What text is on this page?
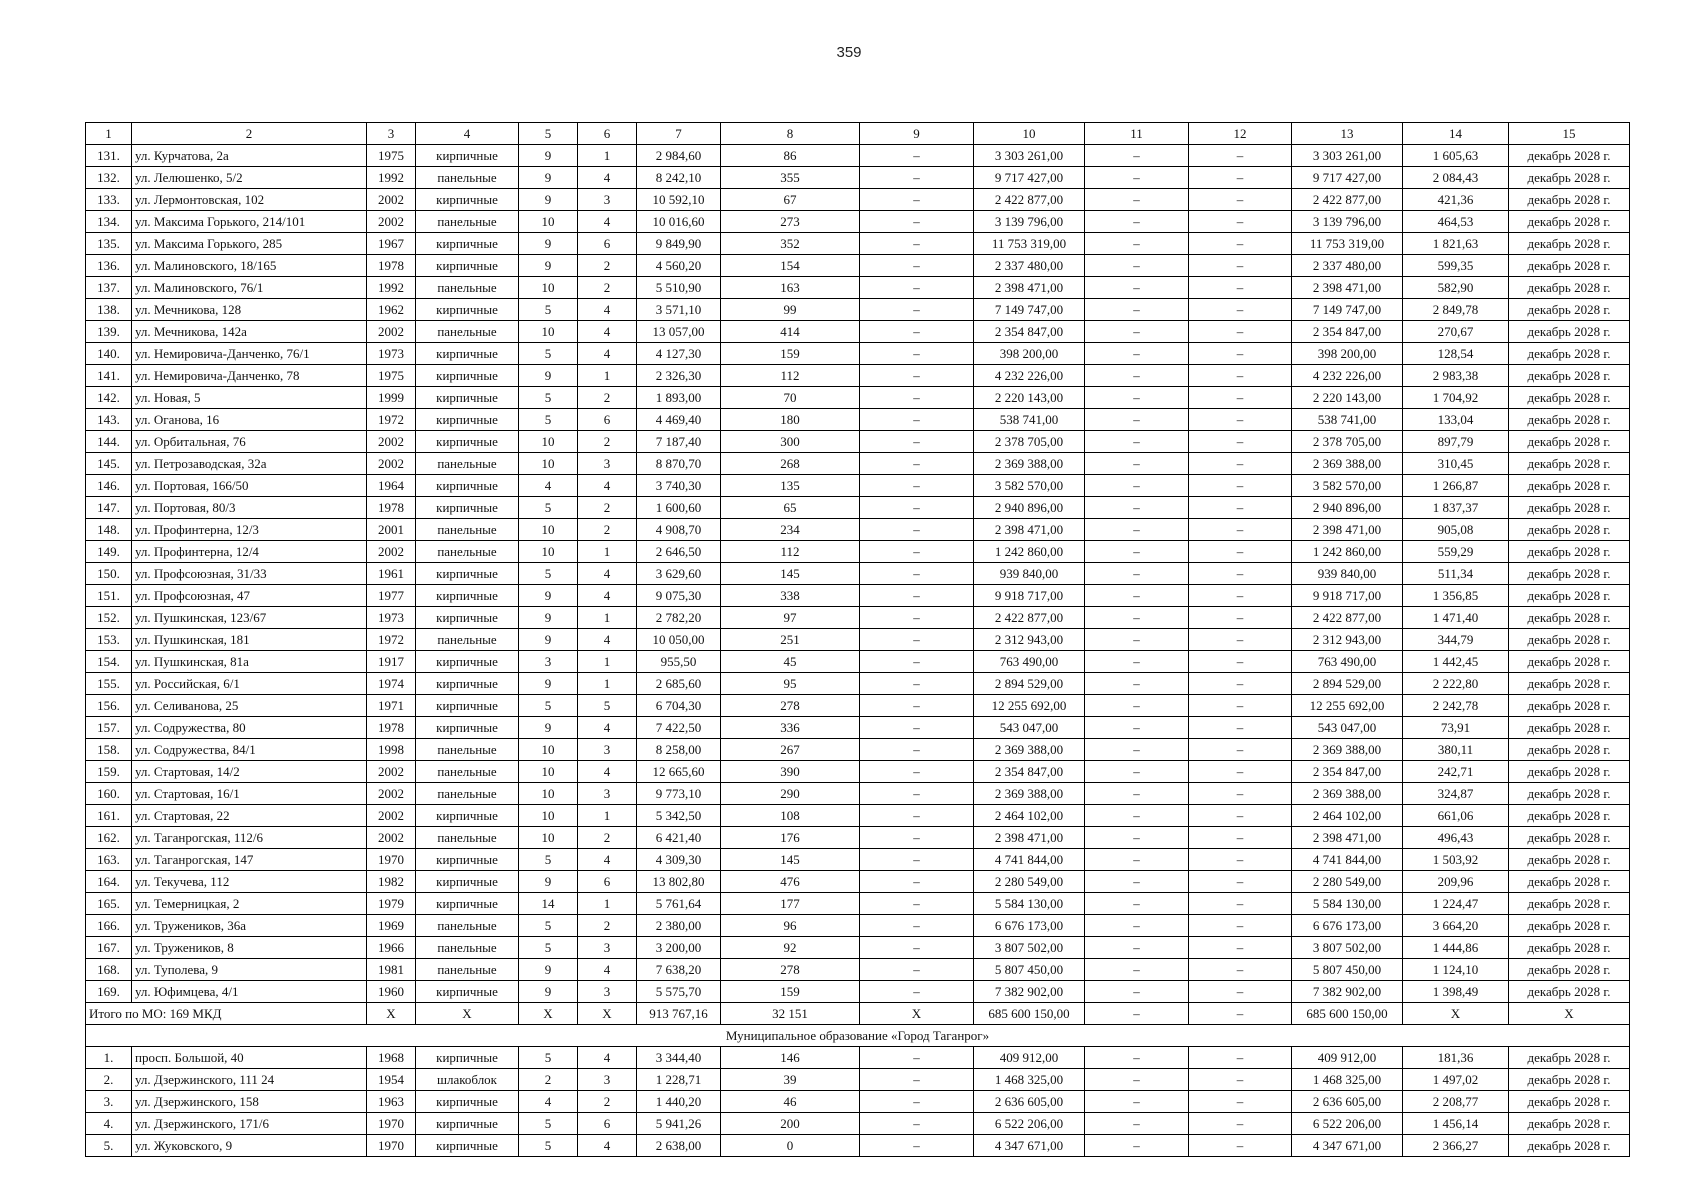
359
1	2	3	4	5	6	7	8	9	10	11	12	13	14	15
131.	ул. Курчатова, 2а	1975	кирпичные	9	1	2 984,60	86	–	3 303 261,00	–	–	3 303 261,00	1 605,63	декабрь 2028 г.
132.	ул. Лелюшенко, 5/2	1992	панельные	9	4	8 242,10	355	–	9 717 427,00	–	–	9 717 427,00	2 084,43	декабрь 2028 г.
133.	ул. Лермонтовская, 102	2002	кирпичные	9	3	10 592,10	67	–	2 422 877,00	–	–	2 422 877,00	421,36	декабрь 2028 г.
134.	ул. Максима Горького, 214/101	2002	панельные	10	4	10 016,60	273	–	3 139 796,00	–	–	3 139 796,00	464,53	декабрь 2028 г.
135.	ул. Максима Горького, 285	1967	кирпичные	9	6	9 849,90	352	–	11 753 319,00	–	–	11 753 319,00	1 821,63	декабрь 2028 г.
136.	ул. Малиновского, 18/165	1978	кирпичные	9	2	4 560,20	154	–	2 337 480,00	–	–	2 337 480,00	599,35	декабрь 2028 г.
137.	ул. Малиновского, 76/1	1992	панельные	10	2	5 510,90	163	–	2 398 471,00	–	–	2 398 471,00	582,90	декабрь 2028 г.
138.	ул. Мечникова, 128	1962	кирпичные	5	4	3 571,10	99	–	7 149 747,00	–	–	7 149 747,00	2 849,78	декабрь 2028 г.
139.	ул. Мечникова, 142а	2002	панельные	10	4	13 057,00	414	–	2 354 847,00	–	–	2 354 847,00	270,67	декабрь 2028 г.
140.	ул. Немировича-Данченко, 76/1	1973	кирпичные	5	4	4 127,30	159	–	398 200,00	–	–	398 200,00	128,54	декабрь 2028 г.
141.	ул. Немировича-Данченко, 78	1975	кирпичные	9	1	2 326,30	112	–	4 232 226,00	–	–	4 232 226,00	2 983,38	декабрь 2028 г.
142.	ул. Новая, 5	1999	кирпичные	5	2	1 893,00	70	–	2 220 143,00	–	–	2 220 143,00	1 704,92	декабрь 2028 г.
143.	ул. Оганова, 16	1972	кирпичные	5	6	4 469,40	180	–	538 741,00	–	–	538 741,00	133,04	декабрь 2028 г.
144.	ул. Орбитальная, 76	2002	кирпичные	10	2	7 187,40	300	–	2 378 705,00	–	–	2 378 705,00	897,79	декабрь 2028 г.
145.	ул. Петрозаводская, 32а	2002	панельные	10	3	8 870,70	268	–	2 369 388,00	–	–	2 369 388,00	310,45	декабрь 2028 г.
146.	ул. Портовая, 166/50	1964	кирпичные	4	4	3 740,30	135	–	3 582 570,00	–	–	3 582 570,00	1 266,87	декабрь 2028 г.
147.	ул. Портовая, 80/3	1978	кирпичные	5	2	1 600,60	65	–	2 940 896,00	–	–	2 940 896,00	1 837,37	декабрь 2028 г.
148.	ул. Профинтерна, 12/3	2001	панельные	10	2	4 908,70	234	–	2 398 471,00	–	–	2 398 471,00	905,08	декабрь 2028 г.
149.	ул. Профинтерна, 12/4	2002	панельные	10	1	2 646,50	112	–	1 242 860,00	–	–	1 242 860,00	559,29	декабрь 2028 г.
150.	ул. Профсоюзная, 31/33	1961	кирпичные	5	4	3 629,60	145	–	939 840,00	–	–	939 840,00	511,34	декабрь 2028 г.
151.	ул. Профсоюзная, 47	1977	кирпичные	9	4	9 075,30	338	–	9 918 717,00	–	–	9 918 717,00	1 356,85	декабрь 2028 г.
152.	ул. Пушкинская, 123/67	1973	кирпичные	9	1	2 782,20	97	–	2 422 877,00	–	–	2 422 877,00	1 471,40	декабрь 2028 г.
153.	ул. Пушкинская, 181	1972	панельные	9	4	10 050,00	251	–	2 312 943,00	–	–	2 312 943,00	344,79	декабрь 2028 г.
154.	ул. Пушкинская, 81а	1917	кирпичные	3	1	955,50	45	–	763 490,00	–	–	763 490,00	1 442,45	декабрь 2028 г.
155.	ул. Российская, 6/1	1974	кирпичные	9	1	2 685,60	95	–	2 894 529,00	–	–	2 894 529,00	2 222,80	декабрь 2028 г.
156.	ул. Селиванова, 25	1971	кирпичные	5	5	6 704,30	278	–	12 255 692,00	–	–	12 255 692,00	2 242,78	декабрь 2028 г.
157.	ул. Содружества, 80	1978	кирпичные	9	4	7 422,50	336	–	543 047,00	–	–	543 047,00	73,91	декабрь 2028 г.
158.	ул. Содружества, 84/1	1998	панельные	10	3	8 258,00	267	–	2 369 388,00	–	–	2 369 388,00	380,11	декабрь 2028 г.
159.	ул. Стартовая, 14/2	2002	панельные	10	4	12 665,60	390	–	2 354 847,00	–	–	2 354 847,00	242,71	декабрь 2028 г.
160.	ул. Стартовая, 16/1	2002	панельные	10	3	9 773,10	290	–	2 369 388,00	–	–	2 369 388,00	324,87	декабрь 2028 г.
161.	ул. Стартовая, 22	2002	кирпичные	10	1	5 342,50	108	–	2 464 102,00	–	–	2 464 102,00	661,06	декабрь 2028 г.
162.	ул. Таганрогская, 112/6	2002	панельные	10	2	6 421,40	176	–	2 398 471,00	–	–	2 398 471,00	496,43	декабрь 2028 г.
163.	ул. Таганрогская, 147	1970	кирпичные	5	4	4 309,30	145	–	4 741 844,00	–	–	4 741 844,00	1 503,92	декабрь 2028 г.
164.	ул. Текучева, 112	1982	кирпичные	9	6	13 802,80	476	–	2 280 549,00	–	–	2 280 549,00	209,96	декабрь 2028 г.
165.	ул. Темерницкая, 2	1979	кирпичные	14	1	5 761,64	177	–	5 584 130,00	–	–	5 584 130,00	1 224,47	декабрь 2028 г.
166.	ул. Тружеников, 36а	1969	панельные	5	2	2 380,00	96	–	6 676 173,00	–	–	6 676 173,00	3 664,20	декабрь 2028 г.
167.	ул. Тружеников, 8	1966	панельные	5	3	3 200,00	92	–	3 807 502,00	–	–	3 807 502,00	1 444,86	декабрь 2028 г.
168.	ул. Туполева, 9	1981	панельные	9	4	7 638,20	278	–	5 807 450,00	–	–	5 807 450,00	1 124,10	декабрь 2028 г.
169.	ул. Юфимцева, 4/1	1960	кирпичные	9	3	5 575,70	159	–	7 382 902,00	–	–	7 382 902,00	1 398,49	декабрь 2028 г.
Итого по МО: 169 МКД		X	X	X	X	913 767,16	32 151	X	685 600 150,00	–	–	685 600 150,00	X	X
Муниципальное образование «Город Таганрог»														
1.	просп. Большой, 40	1968	кирпичные	5	4	3 344,40	146	–	409 912,00	–	–	409 912,00	181,36	декабрь 2028 г.
2.	ул. Дзержинского, 111 24	1954	шлакоблок	2	3	1 228,71	39	–	1 468 325,00	–	–	1 468 325,00	1 497,02	декабрь 2028 г.
3.	ул. Дзержинского, 158	1963	кирпичные	4	2	1 440,20	46	–	2 636 605,00	–	–	2 636 605,00	2 208,77	декабрь 2028 г.
4.	ул. Дзержинского, 171/6	1970	кирпичные	5	6	5 941,26	200	–	6 522 206,00	–	–	6 522 206,00	1 456,14	декабрь 2028 г.
5.	ул. Жуковского, 9	1970	кирпичные	5	4	2 638,00	0	–	4 347 671,00	–	–	4 347 671,00	2 366,27	декабрь 2028 г.
